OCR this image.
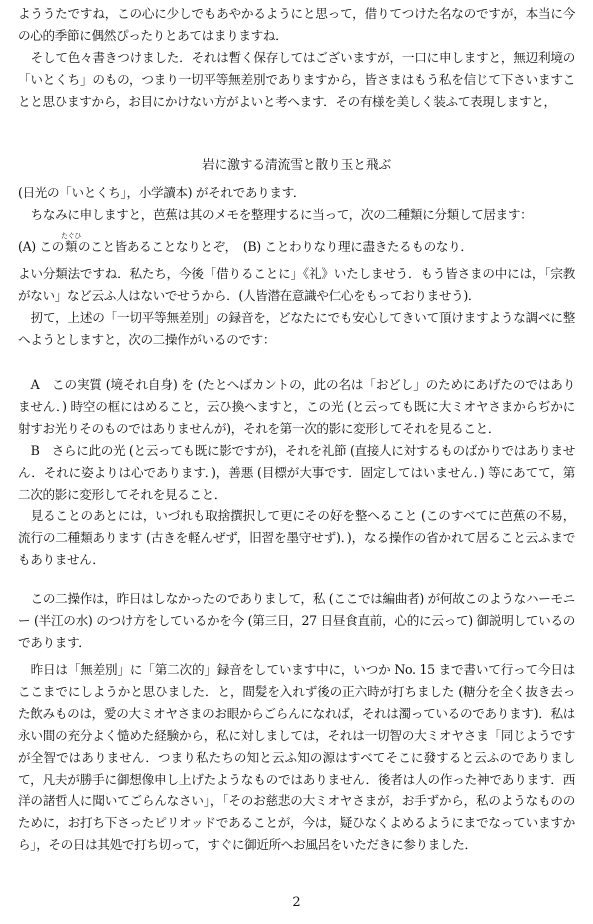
よううたですね，この心に少しでもあやかるようにと思って，借りてつけた名なのですが，本当に今の心的季節に偶然ぴったりとあてはまりますね．

そして色々書きつけました．それは暫く保存してはございますが，一口に申しますと，無辺利境の「いとくち」のもの，つまり一切平等無差別でありますから，皆さまはもう私を信じて下さいますことと思ひますから，お目にかけない方がよいと考へます．その有様を美しく装ふて表現しますと，

岩に激する清流雪と散り玉と飛ぶ

(日光の「いとくち」，小学讀本) がそれであります．

ちなみに申しますと，芭蕉は其のメモを整理するに当って，次の二種類に分類して居ます：

(A) この類たぐひのこと皆あることなりとぞ，　(B) ことわりなり理に盡きたるものなり．

よい分類法ですね．私たち，今後「借りることに」《礼》いたしませう．もう皆さまの中には，「宗教がない」など云ふ人はないでせうから．(人皆潜在意識や仁心をもっておりませう)．

扨て，上述の「一切平等無差別」の録音を，どなたにでも安心してきいて頂けますような調べに整へようとしますと，次の二操作がいるのです：

A　この実質 (境それ自身) を (たとへばカントの，此の名は「おどし」のためにあげたのではありません．) 時空の框にはめること，云ひ換へますと，この光 (と云っても既に大ミオヤさまからぢかに射すお光りそのものではありませんが)，それを第一次的影に変形してそれを見ること．

B　さらに此の光 (と云っても既に影ですが)，それを礼節 (直接人に対するものばかりではありません．それに姿よりは心であります．)，善悪 (目標が大事です．固定してはいません．) 等にあてて，第二次的影に変形してそれを見ること．

見ることのあとには，いづれも取捨撰択して更にその好を整へること (このすべてに芭蕉の不易，流行の二種類あります (古きを軽んぜず，旧習を墨守せず)．)，なる操作の省かれて居ること云ふまでもありません．

この二操作は，昨日はしなかったのでありまして，私 (ここでは編曲者) が何故このようなハーモニー (半江の水) のつけ方をしているかを今 (第三日，27 日昼食直前，心的に云って) 御説明しているのであります．

昨日は「無差別」に「第二次的」録音をしています中に，いつか No. 15 まで書いて行って今日はここまでにしようかと思ひました．と，間髪を入れず後の正六時が打ちました (糖分を全く抜き去った飲みものは，愛の大ミオヤさまのお眼からごらんになれば，それは濁っているのであります)．私は永い間の充分よく慥めた経験から，私に対しましては，それは一切智の大ミオヤさま「同じようですが全智ではありません．つまり私たちの知と云ふ知の源はすべてそこに發すると云ふのでありまして，凡夫が勝手に御想像申し上げたようなものではありません．後者は人の作った神であります．西洋の諸哲人に聞いてごらんなさい」，「そのお慈悲の大ミオヤさまが，お手ずから，私のようなもののために，お打ち下さったピリオッドであることが，今は，疑ひなくよめるようにまでなっていますから」，その日は其処で打ち切って，すぐに御近所へお風呂をいただきに参りました．

2
